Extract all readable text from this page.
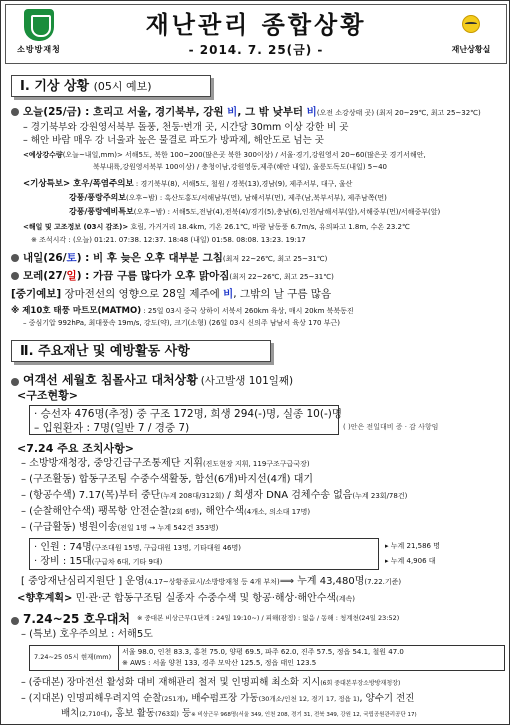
소방방재청
재난관리 종합상황
- 2014. 7. 25(금) -	재난상황실
Ⅰ. 기상 상황 (05시 예보)
오늘(25/금) : 흐리고 서울, 경기북부, 강원 비, 그 밖 낮부터 비(오전 소강상태 곳) (최저 20~29℃, 최고 25~32℃)
– 경기북부와 강원영서북부 돌풍, 천둥·번개 곳, 시간당 30mm 이상 강한 비 곳
– 해안 바람 매우 강 너울과 높은 물결로 파도가 방파제, 해안도로 넘는 곳
<예상강수량(오늘~내일,mm)> 서해5도, 북한 100~200(많은곳 북한 300이상) / 서울·경기,강원영서 20~60(많은곳 경기서해안,
북부내륙,강원영서북부 100이상) / 충청이남,강원영동,제주(해안 내일), 울릉도독도(내일) 5~40
<기상특보> 호우/폭염주의보 : 경기북부(8), 서해5도, 철원 / 경북(13),경남(9), 제주서부, 대구, 울산
강풍/풍랑주의보(오후~밤) : 흑산도홍도/서해남부(먼), 남해서부(먼), 제주(남,북부서부), 제주남쪽(먼)
강풍/풍랑예비특보(오후~밤) : 서해5도,전남(4),전북(4)/경기(5),충남(6),인천/남해서부(앞),서해중부(먼)/서해중부(앞)
<해일 및 고조정보 (03시 감조)> 호림, 가거거리 18.4km, 기온 26.1℃, 바람 남동풍 6.7m/s, 유의파고 1.8m, 수온 23.2℃
※ 조석시각 : (오늘) 01:21. 07:38. 12:37. 18:48 (내일) 01:58. 08:08. 13:23. 19:17
내일(26/토) : 비 후 늦은 오후 대부분 그침(최저 22~26℃, 최고 25~31℃)
모레(27/일) : 가끔 구름 많다가 오후 맑아짐(최저 22~26℃, 최고 25~31℃)
[중기예보] 장마전선의 영향으로 28일 제주에 비, 그밖의 날 구름 많음
※ 제10호 태풍 마트모(MATMO) : 25일 03시 중국 상하이 서북서 260km 육상, 매시 20km 북북동진
– 중심기압 992hPa, 최대풍속 19m/s, 강도(약), 크기(소형) (26일 03시 신의주 남남서 육상 170 부근)
Ⅱ. 주요재난 및 예방활동 사항
여객선 세월호 침몰사고 대처상황 (사고발생 101일째)
<구조현황>
· 승선자 476명(추정) 중 구조 172명, 희생 294(-)명, 실종 10(-)명
– 입원환자 : 7명(일반 7 / 경중 7)	( )안은 전일대비 증 · 감 사항임
<7.24 주요 조치사항>
– 소방방재청장, 중앙긴급구조통제단 지휘(진도현장 지휘, 119구조구급국장)
– (구조활동) 합동구조팀 수중수색활동, 함선(6개)바지선(4개) 대기
– (항공수색) 7.17(목)부터 중단(누계 208대/312회) / 희생자 DNA 검체수송 없음(누계 23회/78건)
– (순찰해안수색) 팽목항 안전순찰(2회 6명), 해안수색(4개소, 의소대 17명)
– (구급활동) 병원이송(전일 1명 → 누계 542건 353명)
· 인원 : 74명(구조대원 15명, 구급대원 13명, 기타대원 46명)
· 장비 : 15대(구급차 6대, 기타 9대)
▸ 누계 21,586 명
▸ 누계 4,906 대
[ 중앙재난심리지원단 ] 운영(4.17~상황종료시/소방방재청 등 4개 부처)⟹ 누계 43,480명(7.22.기준)
<향후계획> 민·관·군 합동구조팀 실종자 수중수색 및 항공·해상·해안수색(계속)
7.24~25 호우대처 ※ 중대본 비상근무(1단계 : 24일 19:10~) / 피해(잠정) : 없음 / 동해 : 청계천(24일 23:52)
– (특보) 호우주의보 : 서해5도
7.24~25 05시 현재(mm)
서울 98.0, 인천 83.3, 홍천 75.0, 양평 69.5, 파주 62.0, 진주 57.5, 정읍 54.1, 철원 47.0
※ AWS : 서울 양천 133, 경주 모악산 125.5, 정읍 태인 123.5
– (중대본) 장마전선 활성화 대비 재해관리 철저 및 인명피해 최소화 지시(6회 중대본부장소방방재청장)
– (지대본) 인명피해우려지역 순찰(251개), 배수펌프장 가동(30개소/인천 12, 경기 17, 정읍 1), 양수기 전진
배치(2,710대), 홍보 활동(763회) 등※ 비상근무 968명(서울 349, 인천 208, 경기 31, 전북 349, 강원 12, 국립공원관리공단 17)
